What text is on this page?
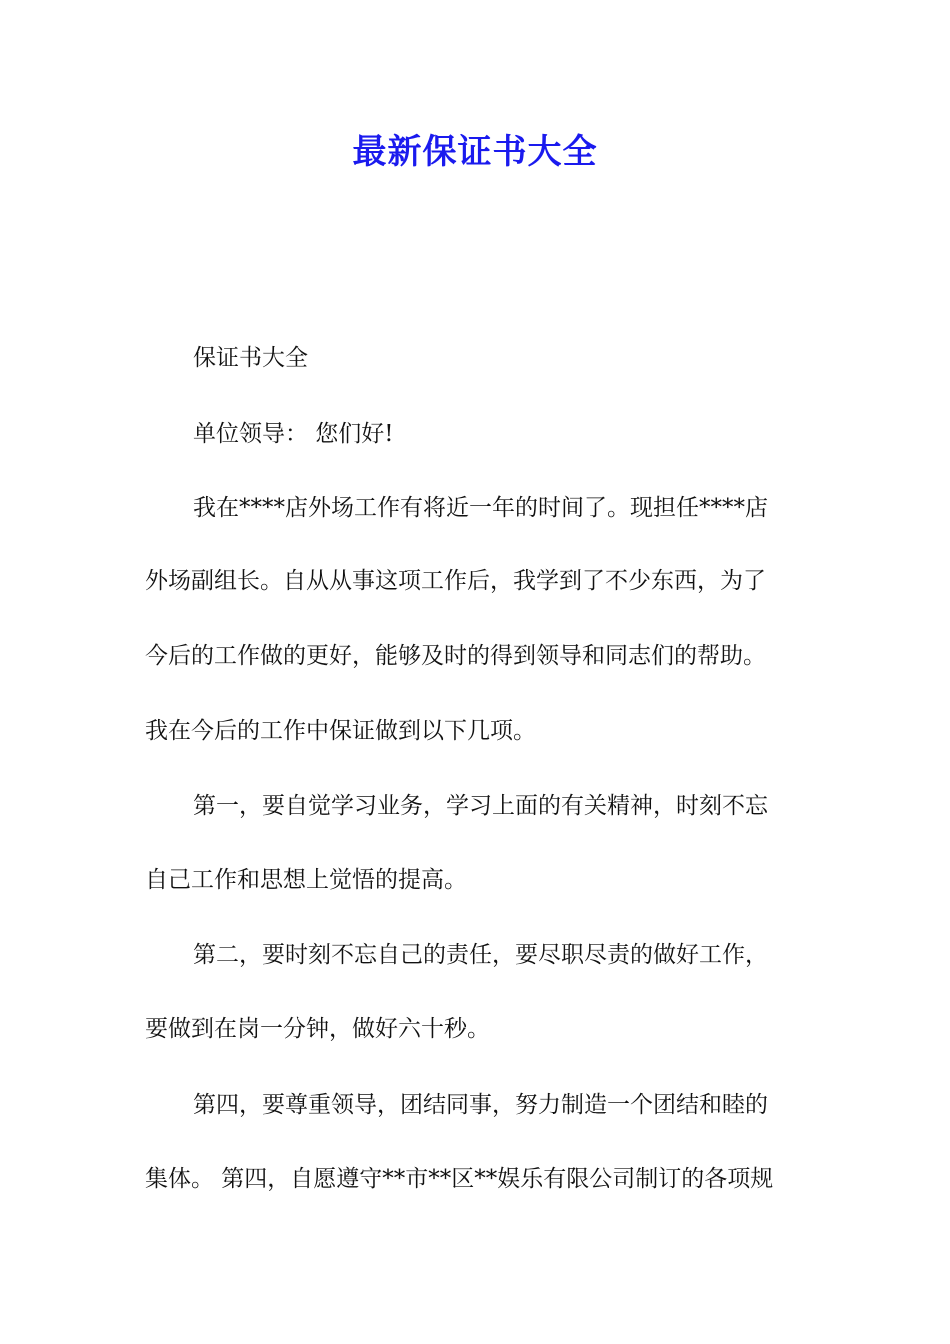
最新保证书大全
保证书大全
单位领导： 您们好!
我在****店外场工作有将近一年的时间了。现担任****店
外场副组长。自从从事这项工作后，我学到了不少东西，为了
今后的工作做的更好，能够及时的得到领导和同志们的帮助。
我在今后的工作中保证做到以下几项。
第一，要自觉学习业务，学习上面的有关精神，时刻不忘
自己工作和思想上觉悟的提高。
第二，要时刻不忘自己的责任，要尽职尽责的做好工作，
要做到在岗一分钟，做好六十秒。
第四，要尊重领导，团结同事，努力制造一个团结和睦的
集体。 第四，自愿遵守**市**区**娱乐有限公司制订的各项规
